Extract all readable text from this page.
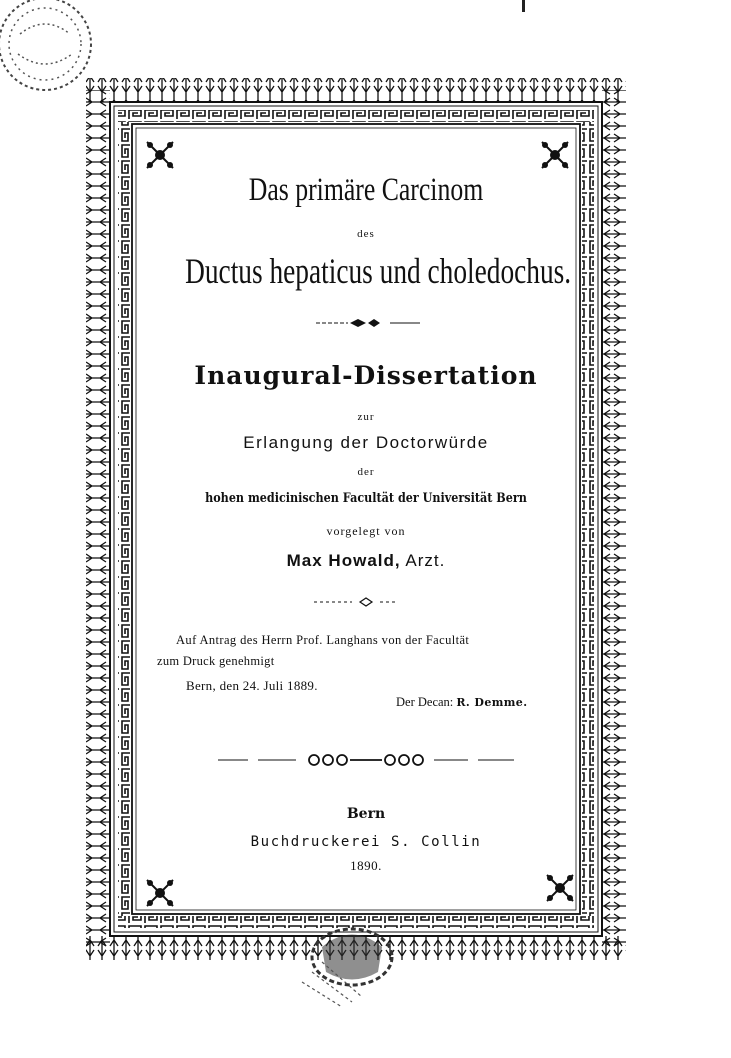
Das primäre Carcinom
des
Ductus hepaticus und choledochus.
Inaugural-Dissertation
zur
Erlangung der Doctorwürde
der
hohen medicinischen Facultät der Universität Bern
vorgelegt von
Max Howald, Arzt.
Auf Antrag des Herrn Prof. Langhans von der Facultät
zum Druck genehmigt
Bern, den 24. Juli 1889.
Der Decan: R. Demme.
Bern
Buchdruckerei S. Collin
1890.
